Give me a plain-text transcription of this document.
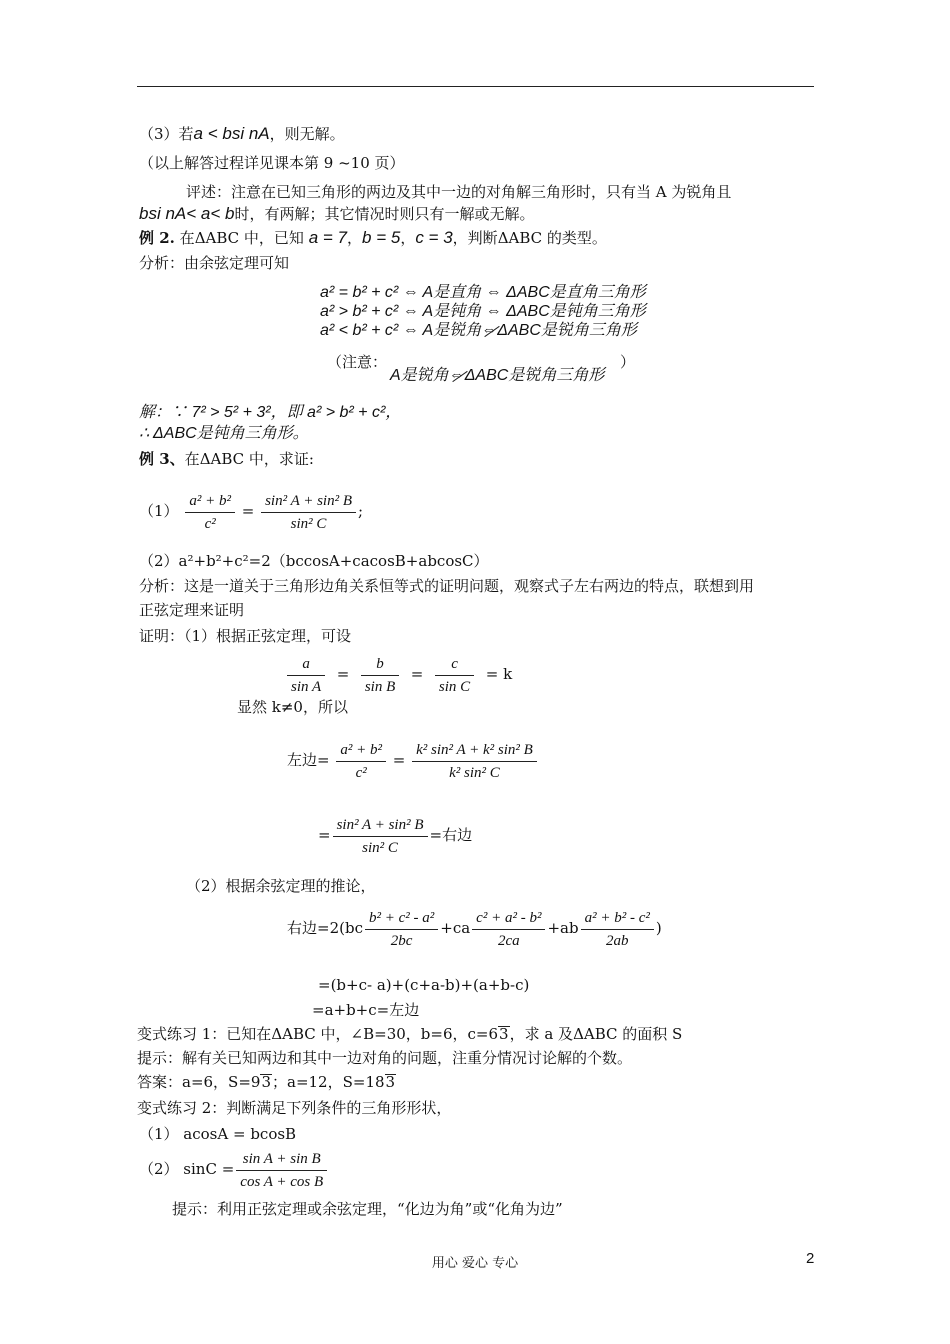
（3）若a < bsi nA，则无解。
（以上解答过程详见课本第 9 ~10 页）
评述：注意在已知三角形的两边及其中一边的对角解三角形时，只有当 A 为锐角且
bsi nA< a< b时，有两解；其它情况时则只有一解或无解。
例 2. 在ΔABC 中，已知 a = 7，b = 5，c = 3，判断ΔABC 的类型。
分析：由余弦定理可知
a² = b² + c² ⇔ A是直角 ⇔ ΔABC是直角三角形
a² > b² + c² ⇔ A是钝角 ⇔ ΔABC是钝角三角形
a² < b² + c² ⇔ A是锐角⇔ΔABC是锐角三角形
（注意：	）
A是锐角⇔ΔABC是锐角三角形
解：∵ 7² > 5² + 3²，即 a² > b² + c²，
∴ ΔABC是钝角三角形。
例 3、在ΔABC 中，求证:
$(1) \frac{\text{a² + b²}}{\text{c²}} = \frac{\text{sin² A + sin² B}}{\text{sin² C}}$ ;
（2）a²+b²+c²=2（bccosA+cacosB+abcosC）
分析：这是一道关于三角形边角关系恒等式的证明问题，观察式子左右两边的特点，联想到用
正弦定理来证明
证明：（1）根据正弦定理，可设
$\frac{a}{\text{sin A}} = \frac{b}{\text{sin B}} = \frac{c}{\text{sin C}} = k$
显然 k≠0，所以
左边= $\frac{\text{a² + b²}}{\text{c²}} = \frac{\text{k² sin² A + k² sin² B}}{\text{k² sin² C}}$
= $\frac{\text{sin² A + sin² B}}{\text{sin² C}}$ =右边
（2）根据余弦定理的推论，
右边$=2(bc \frac{\text{b² + c² - a²}}{2bc} +ca \frac{\text{c² + a² - b²}}{2ca} +ab \frac{\text{a² + b² - c²}}{2ab}$ )
=(b+c- a)+(c+a-b)+(a+b-c)
=a+b+c=左边
变式练习 1：已知在ΔABC 中，∠B=30，b=6，c=63，求 a 及ΔABC 的面积 S
提示：解有关已知两边和其中一边对角的问题，注重分情况讨论解的个数。
答案：a=6，S=93；a=12，S=183
变式练习 2：判断满足下列条件的三角形形状，
（1） acosA = bcosB
（2） $\sin C = \frac{\text{sin A + sin B}}{\text{cos A + cos B}}$
提示：利用正弦定理或余弦定理，“化边为角”或“化角为边”
用心 爱心 专心	2
